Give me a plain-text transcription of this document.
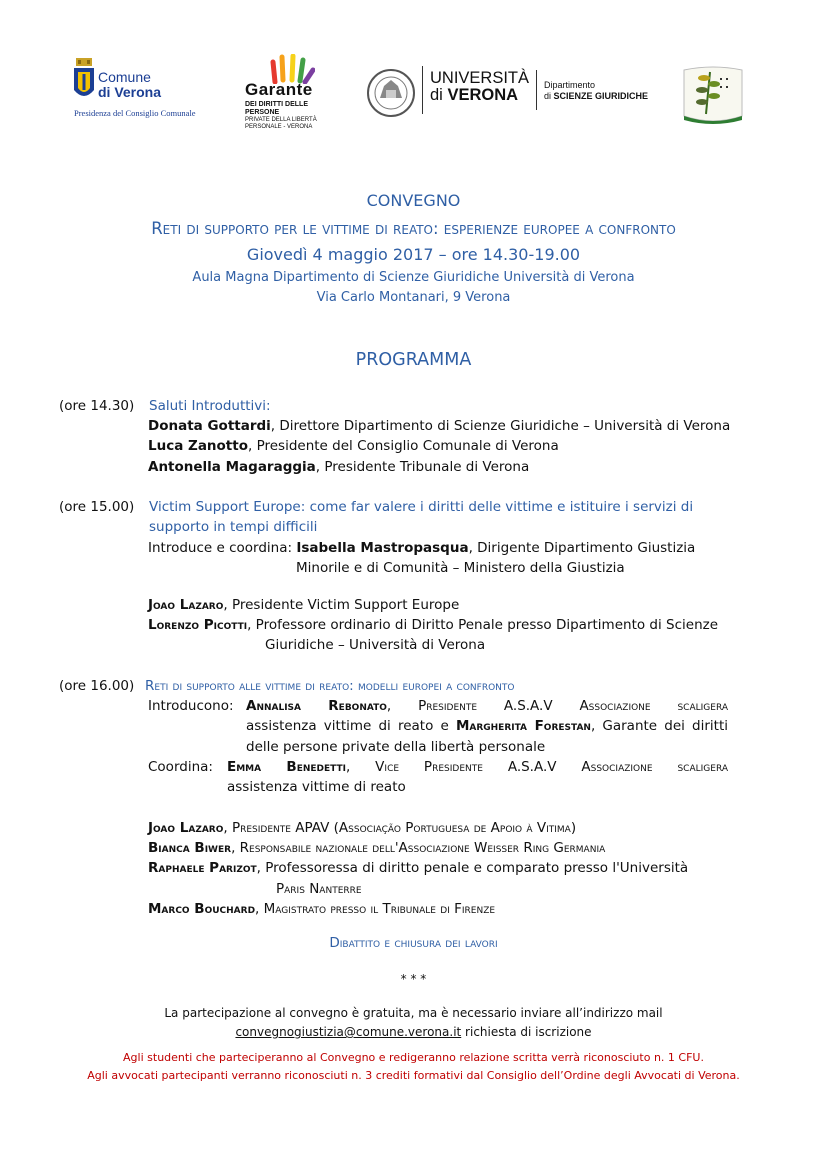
Comune
di Verona
Presidenza del Consiglio Comunale
Garante
DEI DIRITTI DELLE PERSONE
PRIVATE DELLA LIBERTÀ PERSONALE - VERONA
UNIVERSITÀ
di VERONA
Dipartimento
di SCIENZE GIURIDICHE
CONVEGNO
Reti di supporto per le vittime di reato: esperienze europee a confronto
Giovedì 4 maggio 2017 – ore 14.30-19.00
Aula Magna Dipartimento di Scienze Giuridiche Università di Verona
Via Carlo Montanari, 9 Verona
PROGRAMMA
(ore 14.30) Saluti Introduttivi:
Donata Gottardi, Direttore Dipartimento di Scienze Giuridiche – Università di Verona
Luca Zanotto, Presidente del Consiglio Comunale di Verona
Antonella Magaraggia, Presidente Tribunale di Verona
(ore 15.00) Victim Support Europe: come far valere i diritti delle vittime e istituire i servizi di
supporto in tempi difficili
Introduce e coordina: Isabella Mastropasqua, Dirigente Dipartimento Giustizia
Minorile e di Comunità – Ministero della Giustizia
Joao Lazaro, Presidente Victim Support Europe
Lorenzo Picotti, Professore ordinario di Diritto Penale presso Dipartimento di Scienze
Giuridiche – Università di Verona
(ore 16.00) Reti di supporto alle vittime di reato: modelli europei a confronto
Introducono: Annalisa Rebonato, Presidente A.S.A.V Associazione scaligera
assistenza vittime di reato e Margherita Forestan, Garante dei diritti
delle persone private della libertà personale
Coordina: Emma Benedetti, Vice Presidente A.S.A.V Associazione scaligera
assistenza vittime di reato
Joao Lazaro, Presidente APAV (Associação Portuguesa de Apoio à Vitima)
Bianca Biwer, Responsabile nazionale dell'Associazione Weisser Ring Germania
Raphaele Parizot, Professoressa di diritto penale e comparato presso l'Università
Paris Nanterre
Marco Bouchard, Magistrato presso il Tribunale di Firenze
Dibattito e chiusura dei lavori
* * *
La partecipazione al convegno è gratuita, ma è necessario inviare all’indirizzo mail
convegnogiustizia@comune.verona.it richiesta di iscrizione
Agli studenti che parteciperanno al Convegno e redigeranno relazione scritta verrà riconosciuto n. 1 CFU.
Agli avvocati partecipanti verranno riconosciuti n. 3 crediti formativi dal Consiglio dell’Ordine degli Avvocati di Verona.
